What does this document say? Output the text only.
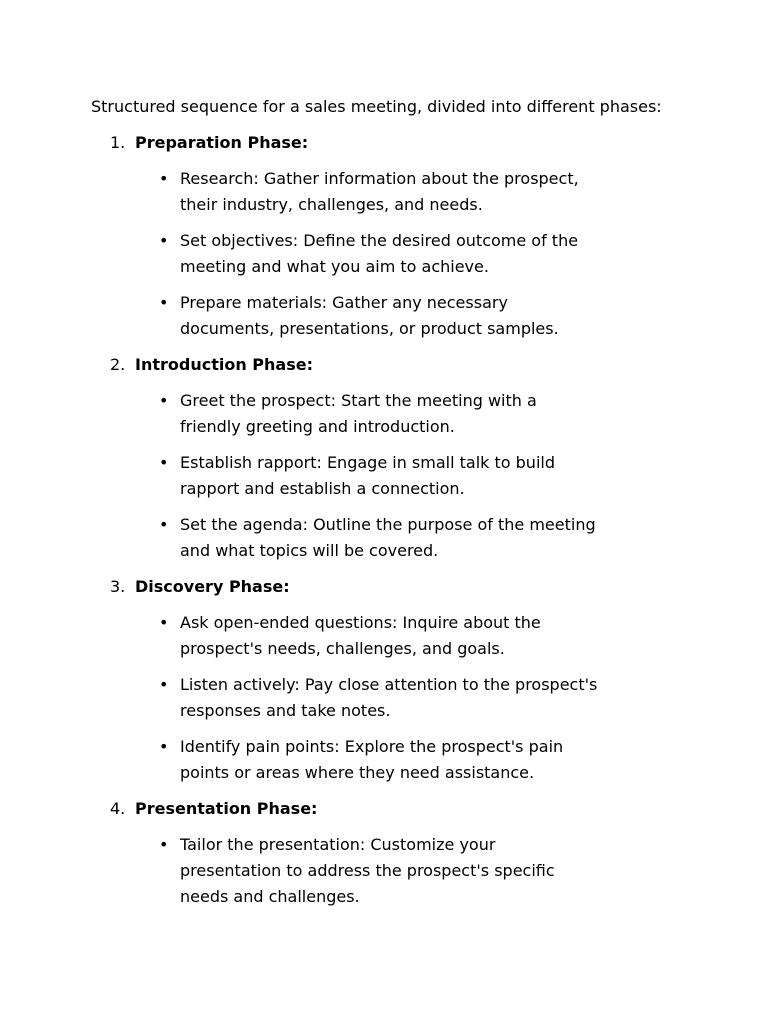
Structured sequence for a sales meeting, divided into different phases:

1. Preparation Phase:
• Research: Gather information about the prospect, their industry, challenges, and needs.
• Set objectives: Define the desired outcome of the meeting and what you aim to achieve.
• Prepare materials: Gather any necessary documents, presentations, or product samples.
2. Introduction Phase:
• Greet the prospect: Start the meeting with a friendly greeting and introduction.
• Establish rapport: Engage in small talk to build rapport and establish a connection.
• Set the agenda: Outline the purpose of the meeting and what topics will be covered.
3. Discovery Phase:
• Ask open-ended questions: Inquire about the prospect's needs, challenges, and goals.
• Listen actively: Pay close attention to the prospect's responses and take notes.
• Identify pain points: Explore the prospect's pain points or areas where they need assistance.
4. Presentation Phase:
• Tailor the presentation: Customize your presentation to address the prospect's specific needs and challenges.
